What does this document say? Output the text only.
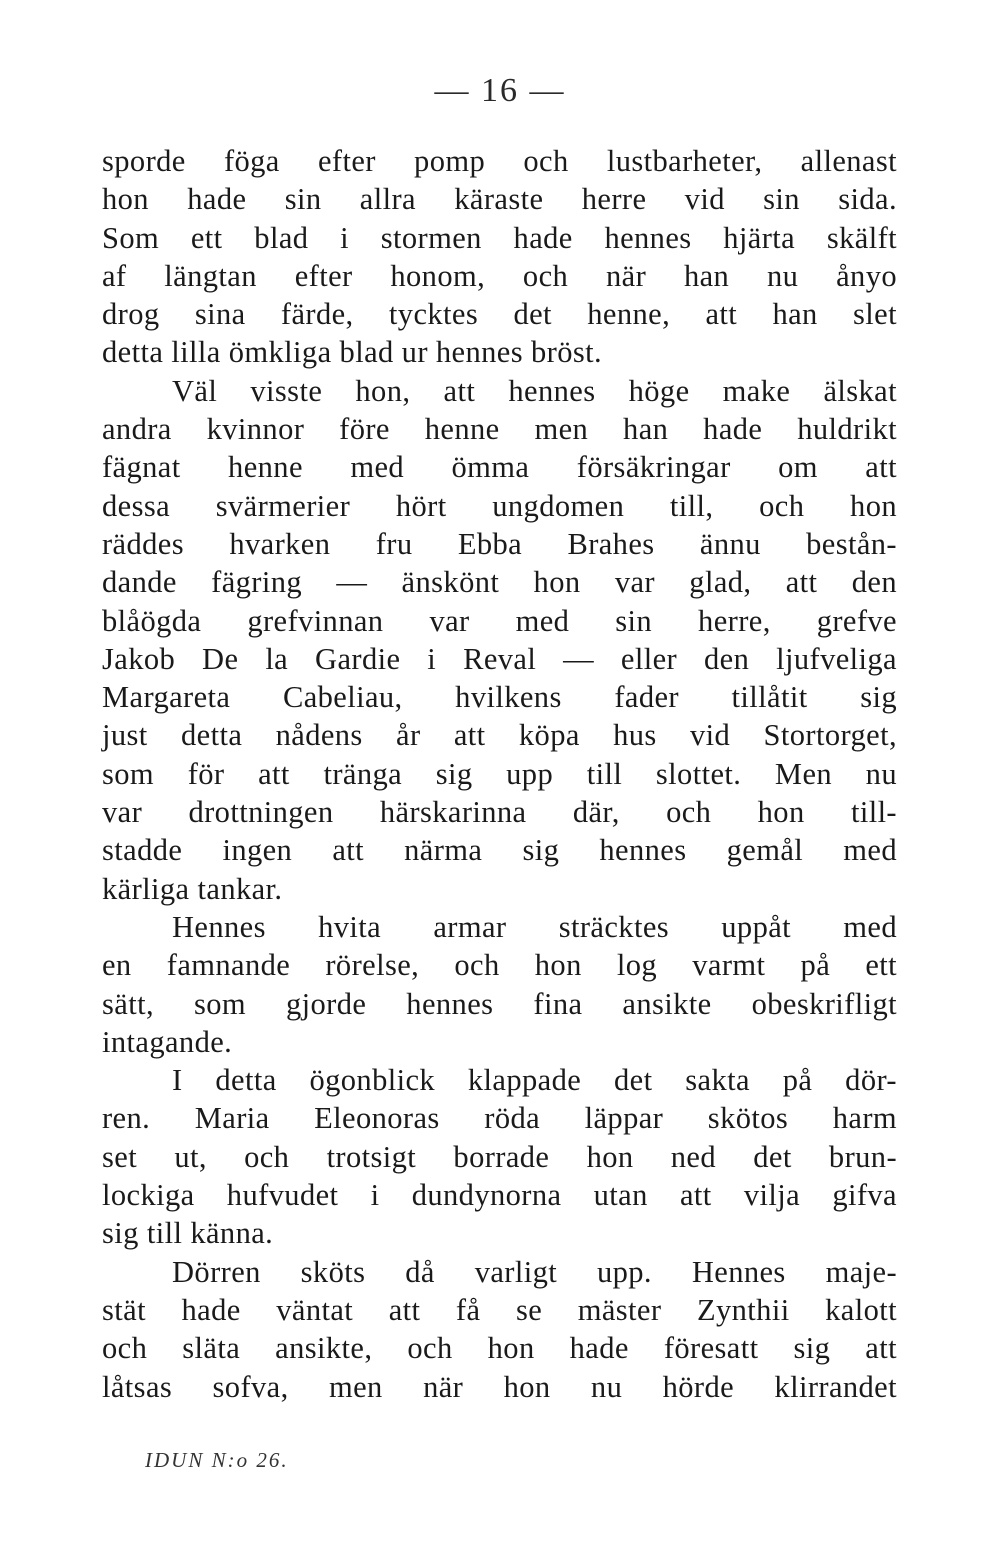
— 16 —
sporde föga efter pomp och lustbarheter, allenast
hon hade sin allra käraste herre vid sin sida.
Som ett blad i stormen hade hennes hjärta skälft
af längtan efter honom, och när han nu ånyo
drog sina färde, tycktes det henne, att han slet
detta lilla ömkliga blad ur hennes bröst.
Väl visste hon, att hennes höge make älskat
andra kvinnor före henne men han hade huldrikt
fägnat henne med ömma försäkringar om att
dessa svärmerier hört ungdomen till, och hon
räddes hvarken fru Ebba Brahes ännu bestån-
dande fägring — änskönt hon var glad, att den
blåögda grefvinnan var med sin herre, grefve
Jakob De la Gardie i Reval — eller den ljufveliga
Margareta Cabeliau, hvilkens fader tillåtit sig
just detta nådens år att köpa hus vid Stortorget,
som för att tränga sig upp till slottet. Men nu
var drottningen härskarinna där, och hon till-
stadde ingen att närma sig hennes gemål med
kärliga tankar.
Hennes hvita armar sträcktes uppåt med
en famnande rörelse, och hon log varmt på ett
sätt, som gjorde hennes fina ansikte obeskrifligt
intagande.
I detta ögonblick klappade det sakta på dör-
ren. Maria Eleonoras röda läppar skötos harm
set ut, och trotsigt borrade hon ned det brun-
lockiga hufvudet i dundynorna utan att vilja gifva
sig till känna.
Dörren sköts då varligt upp. Hennes maje-
stät hade väntat att få se mäster Zynthii kalott
och släta ansikte, och hon hade föresatt sig att
låtsas sofva, men när hon nu hörde klirrandet
IDUN N:o 26.
